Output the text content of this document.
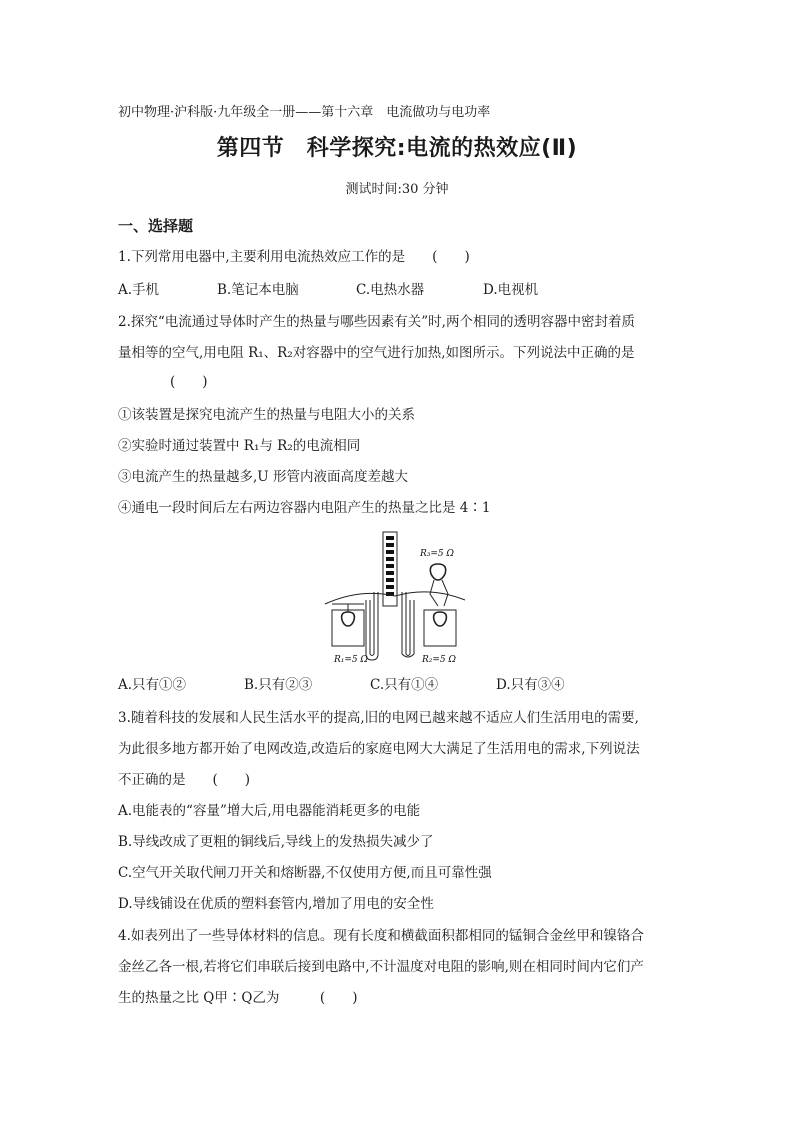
初中物理·沪科版·九年级全一册——第十六章　电流做功与电功率
第四节　科学探究:电流的热效应(Ⅱ)
测试时间:30 分钟
一、选择题
1.下列常用电器中,主要利用电流热效应工作的是　　(　　)
A.手机	B.笔记本电脑	C.电热水器	D.电视机
2.探究“电流通过导体时产生的热量与哪些因素有关”时,两个相同的透明容器中密封着质
量相等的空气,用电阻 R₁、R₂对容器中的空气进行加热,如图所示。下列说法中正确的是
(　　)
①该装置是探究电流产生的热量与电阻大小的关系
②实验时通过装置中 R₁与 R₂的电流相同
③电流产生的热量越多,U 形管内液面高度差越大
④通电一段时间后左右两边容器内电阻产生的热量之比是 4∶1
R₃=5 Ω
R₁=5 Ω	R₂=5 Ω
A.只有①②	B.只有②③	C.只有①④	D.只有③④
3.随着科技的发展和人民生活水平的提高,旧的电网已越来越不适应人们生活用电的需要,
为此很多地方都开始了电网改造,改造后的家庭电网大大满足了生活用电的需求,下列说法
不正确的是　　(　　)
A.电能表的“容量”增大后,用电器能消耗更多的电能
B.导线改成了更粗的铜线后,导线上的发热损失减少了
C.空气开关取代闸刀开关和熔断器,不仅使用方便,而且可靠性强
D.导线铺设在优质的塑料套管内,增加了用电的安全性
4.如表列出了一些导体材料的信息。现有长度和横截面积都相同的锰铜合金丝甲和镍铬合
金丝乙各一根,若将它们串联后接到电路中,不计温度对电阻的影响,则在相同时间内它们产
生的热量之比 Q甲∶Q乙为　　　(　　)
